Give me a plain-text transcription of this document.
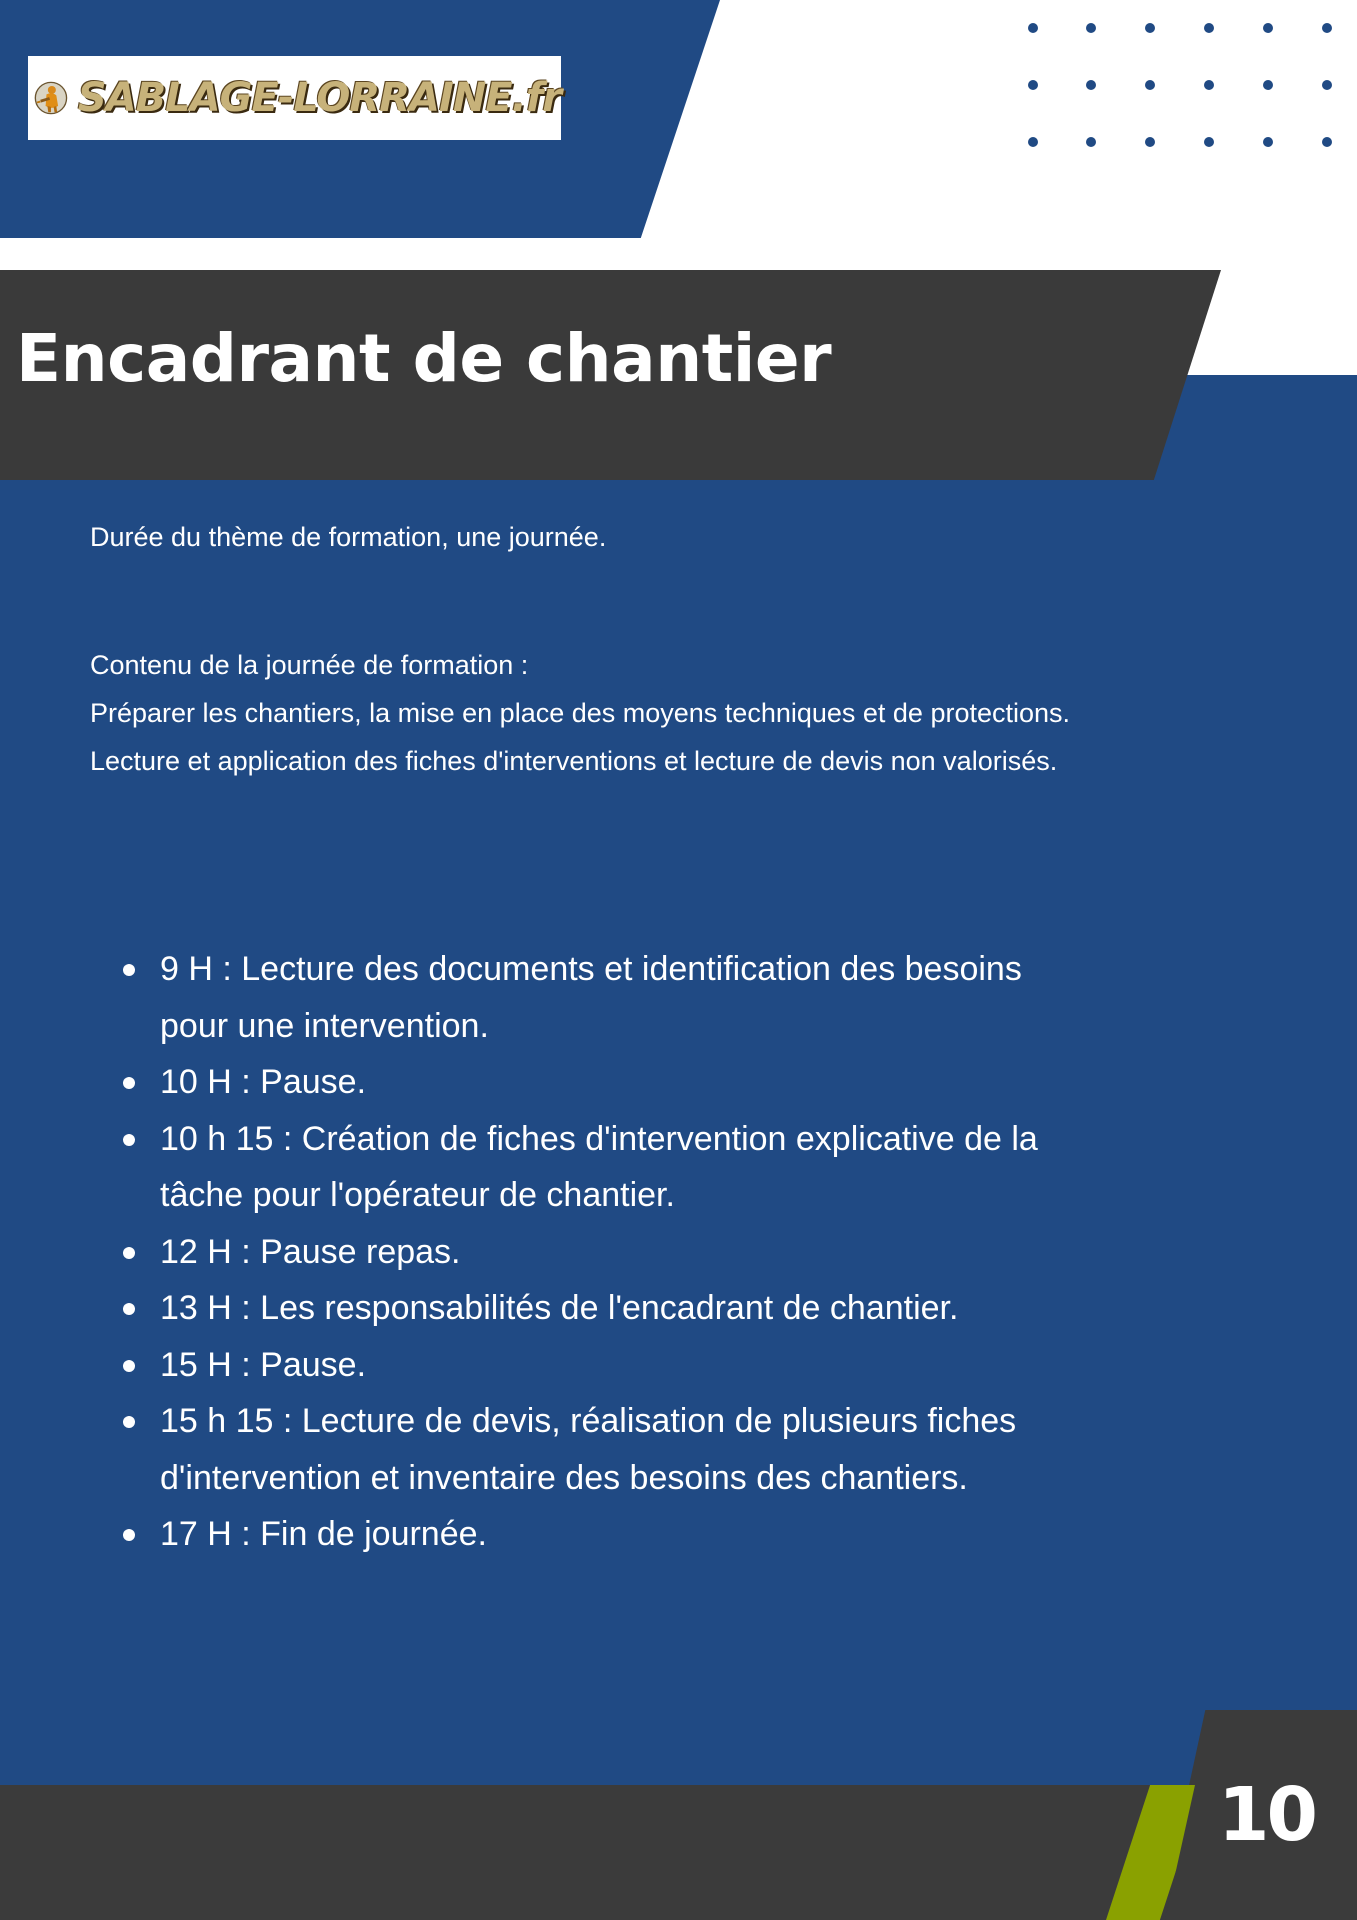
SABLAGE-LORRAINE.fr
Encadrant de chantier

Durée du thème de formation, une journée.

Contenu de la journée de formation :
Préparer les chantiers, la mise en place des moyens techniques et de protections.
Lecture et application des fiches d'interventions et lecture de devis non valorisés.
9 H : Lecture des documents et identification des besoins
pour une intervention.
10 H : Pause.
10 h 15 : Création de fiches d'intervention explicative de la
tâche pour l'opérateur de chantier.
12 H : Pause repas.
13 H : Les responsabilités de l'encadrant de chantier.
15 H : Pause.
15 h 15 : Lecture de devis, réalisation de plusieurs fiches
d'intervention et inventaire des besoins des chantiers.
17 H : Fin de journée.

10
